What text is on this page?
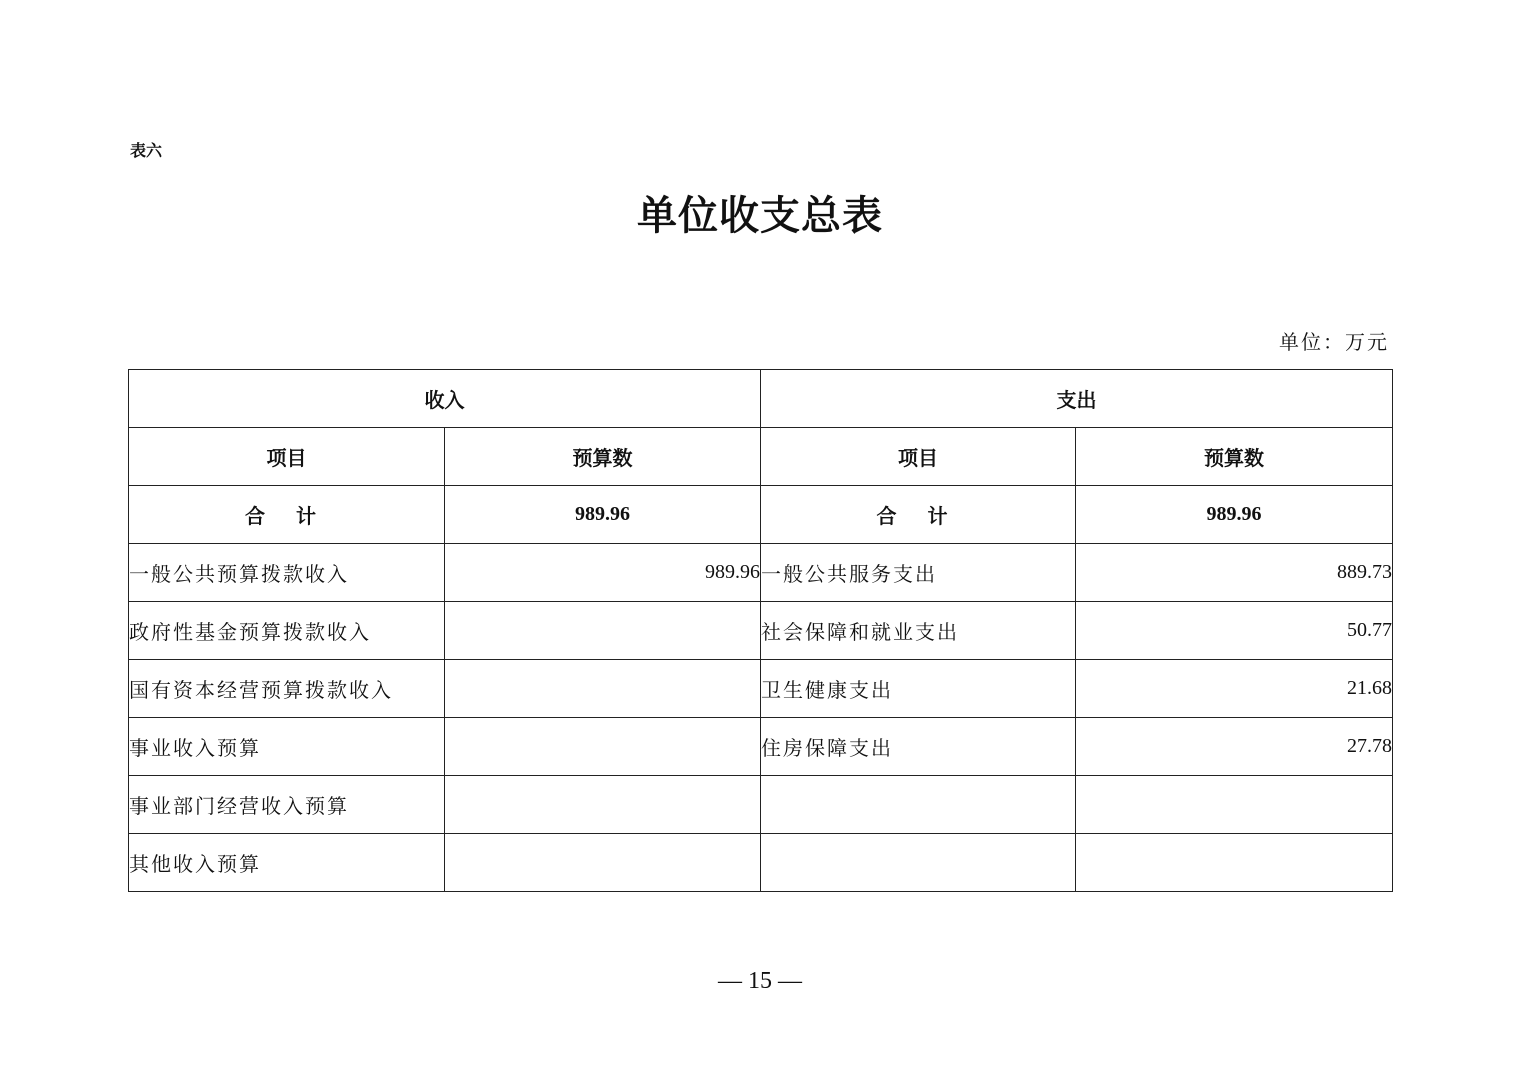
表六
单位收支总表
单位：万元
收入		支出	
项目	预算数	项目	预算数
合 计	989.96	合 计	989.96
一般公共预算拨款收入	989.96	一般公共服务支出	889.73
政府性基金预算拨款收入		社会保障和就业支出	50.77
国有资本经营预算拨款收入		卫生健康支出	21.68
事业收入预算		住房保障支出	27.78
事业部门经营收入预算			
其他收入预算			
— 15 —
